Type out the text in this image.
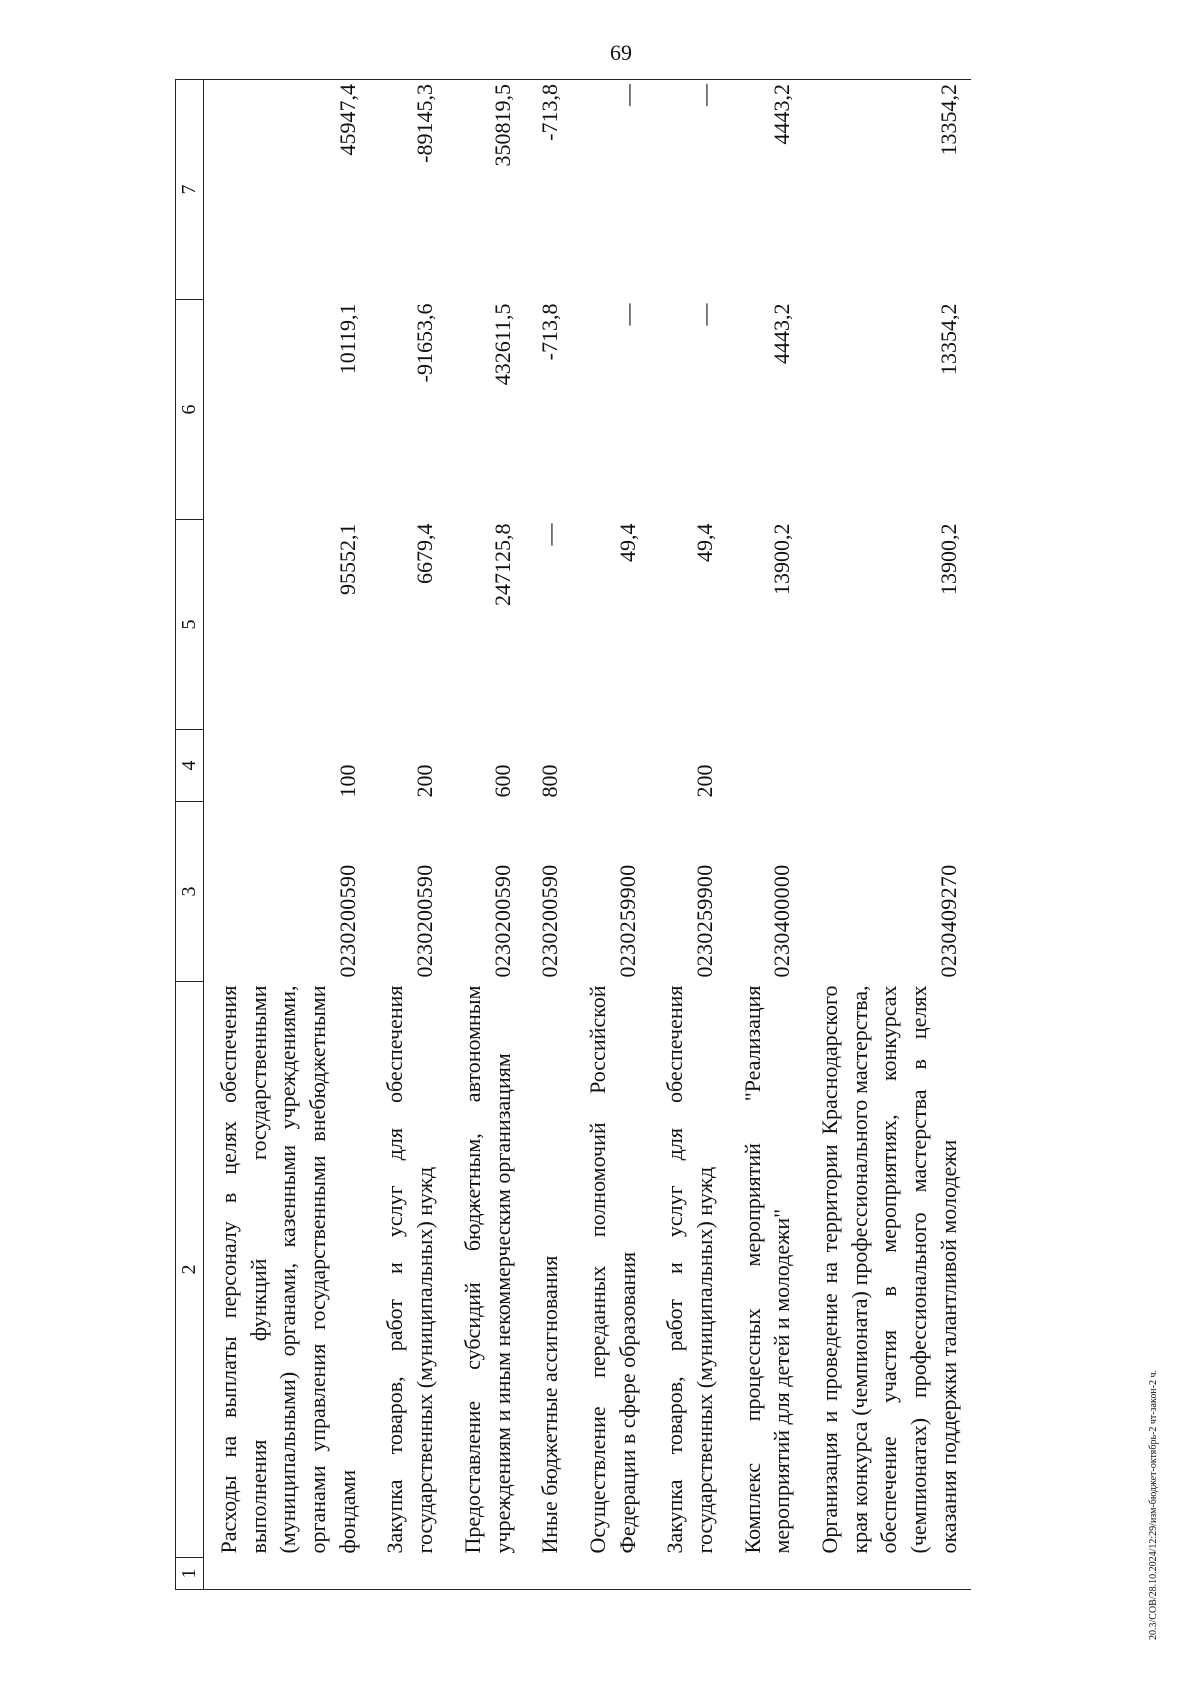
69
1	2	3	4	5	6	7
	Расходы на выплаты персоналу в целях обеспечения выполнения функций государственными (муниципальными) органами, казенными учреждениями, органами управления государственными внебюджетными фондами	0230200590	100	95552,1	10119,1	45947,4
	Закупка товаров, работ и услуг для обеспечения государственных (муниципальных) нужд	0230200590	200	6679,4	-91653,6	-89145,3
	Предоставление субсидий бюджетным, автономным учреждениям и иным некоммерческим организациям	0230200590	600	247125,8	432611,5	350819,5
	Иные бюджетные ассигнования	0230200590	800	—	-713,8	-713,8
	Осуществление переданных полномочий Российской Федерации в сфере образования	0230259900		49,4	—	—
	Закупка товаров, работ и услуг для обеспечения государственных (муниципальных) нужд	0230259900	200	49,4	—	—
	Комплекс процессных мероприятий "Реализация мероприятий для детей и молодежи"	0230400000		13900,2	4443,2	4443,2
	Организация и проведение на территории Краснодарского края конкурса (чемпионата) профессионального мастерства, обеспечение участия в мероприятиях, конкурсах (чемпионатах) профессионального мастерства в целях оказания поддержки талантливой молодежи	0230409270		13900,2	13354,2	13354,2
20.3/СОВ/28.10.2024/12:29/изм-бюджет-октябрь-2 чт-закон-2 ч.
